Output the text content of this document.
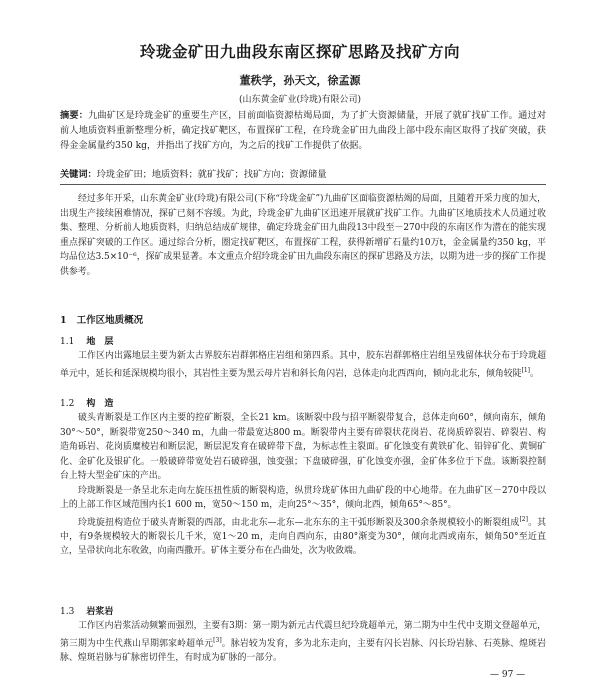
玲珑金矿田九曲段东南区探矿思路及找矿方向
董秩学，孙天文，徐孟源
(山东黄金矿业(玲珑)有限公司)
摘要：九曲矿区是玲珑金矿的重要生产区，目前面临资源枯竭局面，为了扩大资源储量，开展了就矿找矿工作。通过对前人地质资料重新整理分析，确定找矿靶区，布置探矿工程，在玲珑金矿田九曲段上部中段东南区取得了找矿突破，获得金金属量约350 kg，并指出了找矿方向，为之后的找矿工作提供了依据。
关键词：玲珑金矿田；地质资料；就矿找矿；找矿方向；资源储量

经过多年开采，山东黄金矿业(玲珑)有限公司(下称“玲珑金矿”)九曲矿区面临资源枯竭的局面，且随着开采力度的加大，出现生产接续困难情况，探矿已刻不容缓。为此，玲珑金矿九曲矿区迅速开展就矿找矿工作。九曲矿区地质技术人员通过收集、整理、分析前人地质资料，归纳总结成矿规律，确定玲珑金矿田九曲段13中段至－270中段的东南区作为潜在的能实现重点探矿突破的工作区。通过综合分析，圈定找矿靶区，布置探矿工程，获得新增矿石量约10万t，金金属量约350 kg，平均品位达3.5×10⁻⁶，探矿成果显著。本文重点介绍玲珑金矿田九曲段东南区的探矿思路及方法，以期为进一步的探矿工作提供参考。

1 工作区地质概况
1.1 地　层

工作区内出露地层主要为新太古界胶东岩群郭格庄岩组和第四系。其中，胶东岩群郭格庄岩组呈残留体状分布于玲珑超单元中，延长和延深规模均很小，其岩性主要为黑云母片岩和斜长角闪岩，总体走向北西西向，倾向北北东，倾角较陡[1]。

1.2 构　造

破头青断裂是工作区内主要的控矿断裂，全长21 km。该断裂中段与招平断裂带复合，总体走向60°，倾向南东，倾角30°～50°，断裂带宽250～340 m，九曲一带最宽达800 m。断裂带内主要有碎裂状花岗岩、花岗质碎裂岩、碎裂岩、构造角砾岩、花岗质糜棱岩和断层泥，断层泥发育在破碎带下盘，为标志性主裂面。矿化蚀变有黄铁矿化、铅锌矿化、黄铜矿化、金矿化及银矿化。一般破碎带宽处岩石破碎强，蚀变强；下盘破碎强，矿化蚀变亦强，金矿体多位于下盘。该断裂控制台上特大型金矿床的产出。

玲珑断裂是一条呈北东走向左旋压扭性质的断裂构造，纵贯玲珑矿体田九曲矿段的中心地带。在九曲矿区－270中段以上的上部工作区域范围内长1 600 m，宽50～150 m，走向25°～35°，倾向北西，倾角65°～85°。

玲珑旋扭构造位于破头青断裂的西部，由北北东—北东—北东东的主干弧形断裂及300余条规模较小的断裂组成[2]。其中，有9条规模较大的断裂长几千米，宽1～20 m，走向自西向东，由80°渐变为30°，倾向北西或南东，倾角50°至近直立，呈帚状向北东收敛，向南西撒开。矿体主要分布在凸曲处，次为收敛端。

1.3 岩浆岩

工作区内岩浆活动频繁而强烈，主要有3期：第一期为新元古代震旦纪玲珑超单元，第二期为中生代中支期文登超单元，第三期为中生代燕山早期郭家岭超单元[3]。脉岩较为发育，多为北东走向，主要有闪长岩脉、闪长玢岩脉、石英脉、煌斑岩脉、煌斑岩脉与矿脉密切伴生，有时成为矿脉的一部分。

— 97 —
